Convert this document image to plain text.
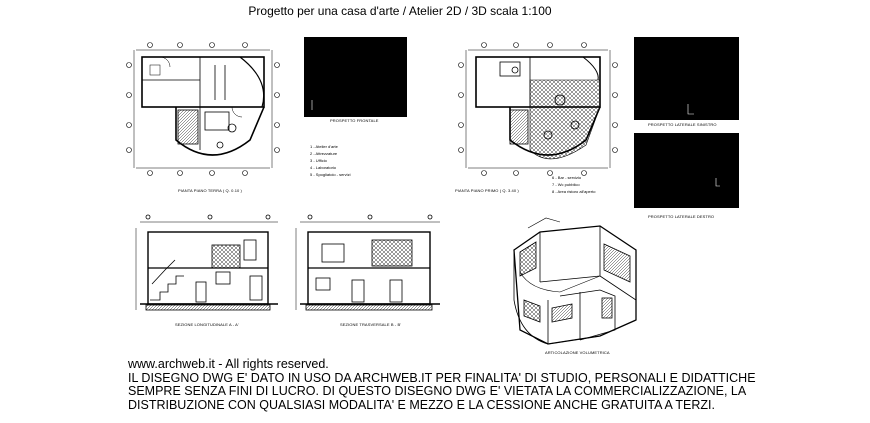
Progetto per una casa d'arte / Atelier 2D / 3D scala 1:100
PROSPETTO FRONTALE
PIANTA PIANO TERRA ( Q. 0.10 )	PIANTA PIANO PRIMO ( Q. 3.40 )
PROSPETTO LATERALE SINISTRO
PROSPETTO LATERALE DESTRO
SEZIONE LONGITUDINALE A - A'	SEZIONE TRASVERSALE B - B'
ARTICOLAZIONE VOLUMETRICA
1 - Atelier d'arte
2 - Attrezzature
3 - Ufficio
4 - Laboratorio
5 - Spogliatoio - servizi
6 - Bar - servizio
7 - Wc pubblico
8 - Area ristoro all'aperto
www.archweb.it - All rights reserved.
IL DISEGNO DWG E' DATO IN USO DA ARCHWEB.IT PER FINALITA' DI STUDIO, PERSONALI E DIDATTICHE
SEMPRE SENZA FINI DI LUCRO. DI QUESTO DISEGNO DWG E' VIETATA LA COMMERCIALIZZAZIONE, LA
DISTRIBUZIONE CON QUALSIASI MODALITA' E MEZZO E LA CESSIONE ANCHE GRATUITA A TERZI.
